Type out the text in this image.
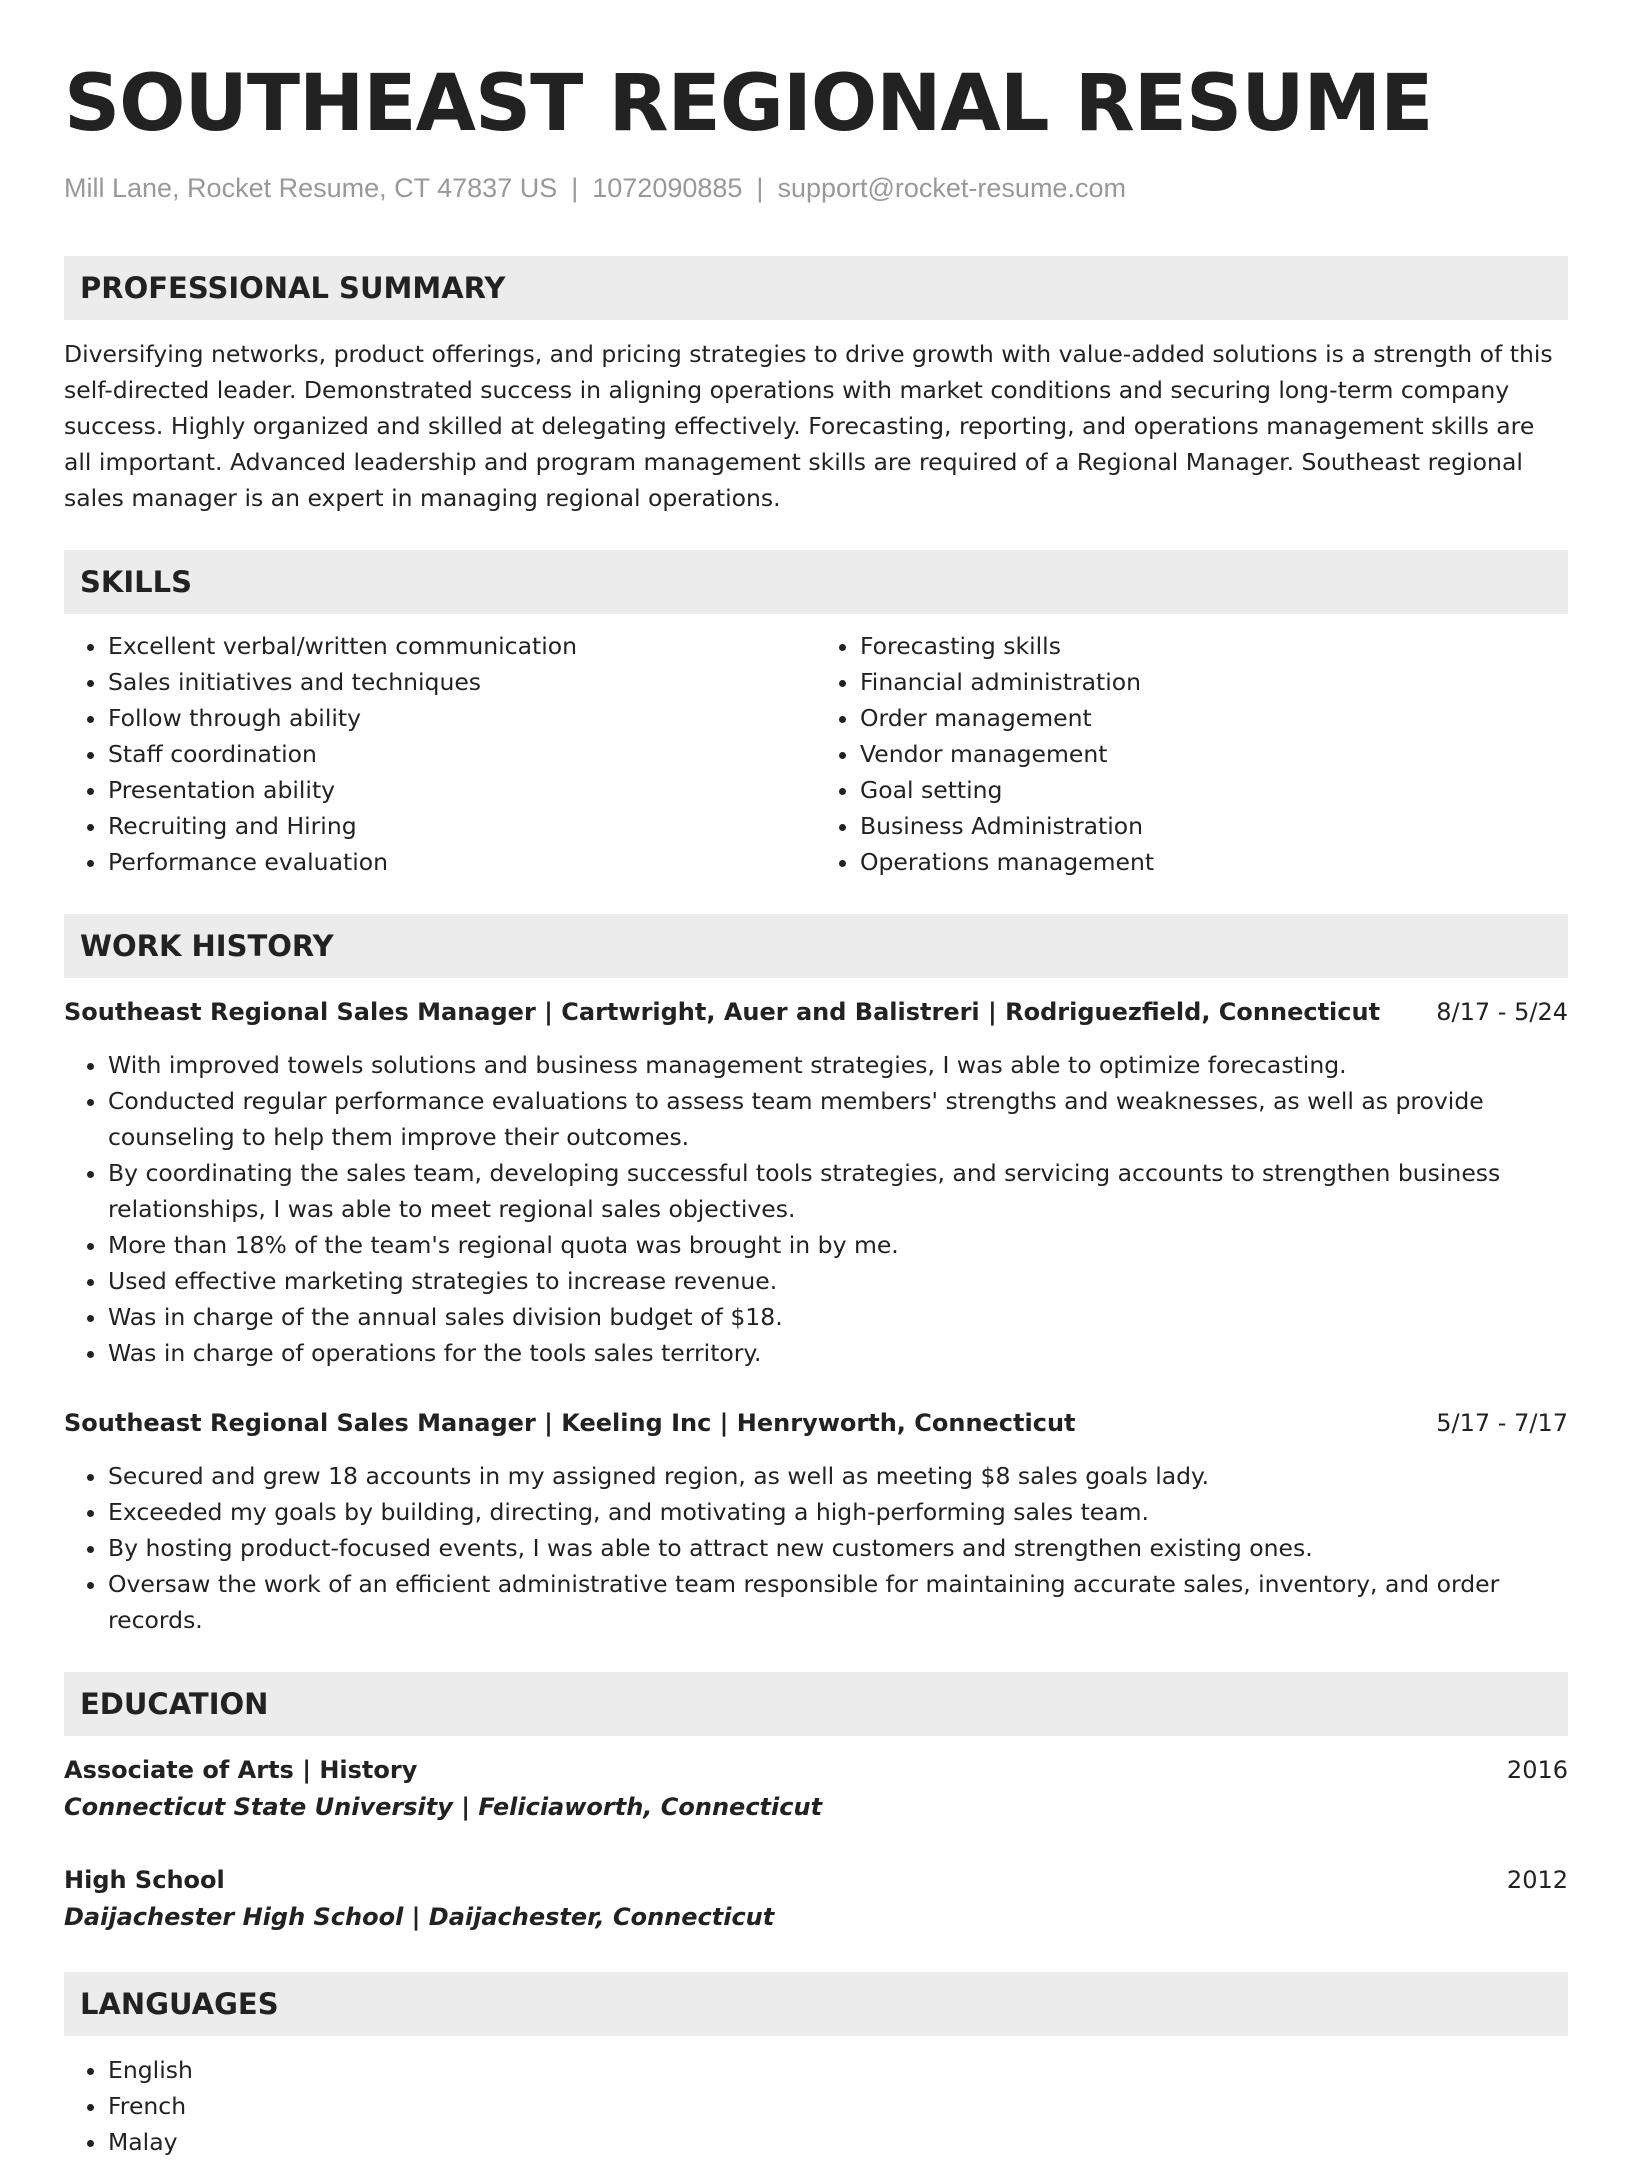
SOUTHEAST REGIONAL RESUME
Mill Lane, Rocket Resume, CT 47837 US | 1072090885 | support@rocket-resume.com
PROFESSIONAL SUMMARY

Diversifying networks, product offerings, and pricing strategies to drive growth with value-added solutions is a strength of this self-directed leader. Demonstrated success in aligning operations with market conditions and securing long-term company success. Highly organized and skilled at delegating effectively. Forecasting, reporting, and operations management skills are all important. Advanced leadership and program management skills are required of a Regional Manager. Southeast regional sales manager is an expert in managing regional operations.

SKILLS
• Excellent verbal/written communication
• Sales initiatives and techniques
• Follow through ability
• Staff coordination
• Presentation ability
• Recruiting and Hiring
• Performance evaluation
• Forecasting skills
• Financial administration
• Order management
• Vendor management
• Goal setting
• Business Administration
• Operations management
WORK HISTORY
Southeast Regional Sales Manager | Cartwright, Auer and Balistreri | Rodriguezfield, Connecticut 8/17 - 5/24
• With improved towels solutions and business management strategies, I was able to optimize forecasting.
• Conducted regular performance evaluations to assess team members' strengths and weaknesses, as well as provide counseling to help them improve their outcomes.
• By coordinating the sales team, developing successful tools strategies, and servicing accounts to strengthen business relationships, I was able to meet regional sales objectives.
• More than 18% of the team's regional quota was brought in by me.
• Used effective marketing strategies to increase revenue.
• Was in charge of the annual sales division budget of $18.
• Was in charge of operations for the tools sales territory.
Southeast Regional Sales Manager | Keeling Inc | Henryworth, Connecticut	5/17 - 7/17
• Secured and grew 18 accounts in my assigned region, as well as meeting $8 sales goals lady.
• Exceeded my goals by building, directing, and motivating a high-performing sales team.
• By hosting product-focused events, I was able to attract new customers and strengthen existing ones.
• Oversaw the work of an efficient administrative team responsible for maintaining accurate sales, inventory, and order records.
EDUCATION
Associate of Arts | History	2016
Connecticut State University | Feliciaworth, Connecticut
High School	2012
Daijachester High School | Daijachester, Connecticut
LANGUAGES
• English
• French
• Malay
